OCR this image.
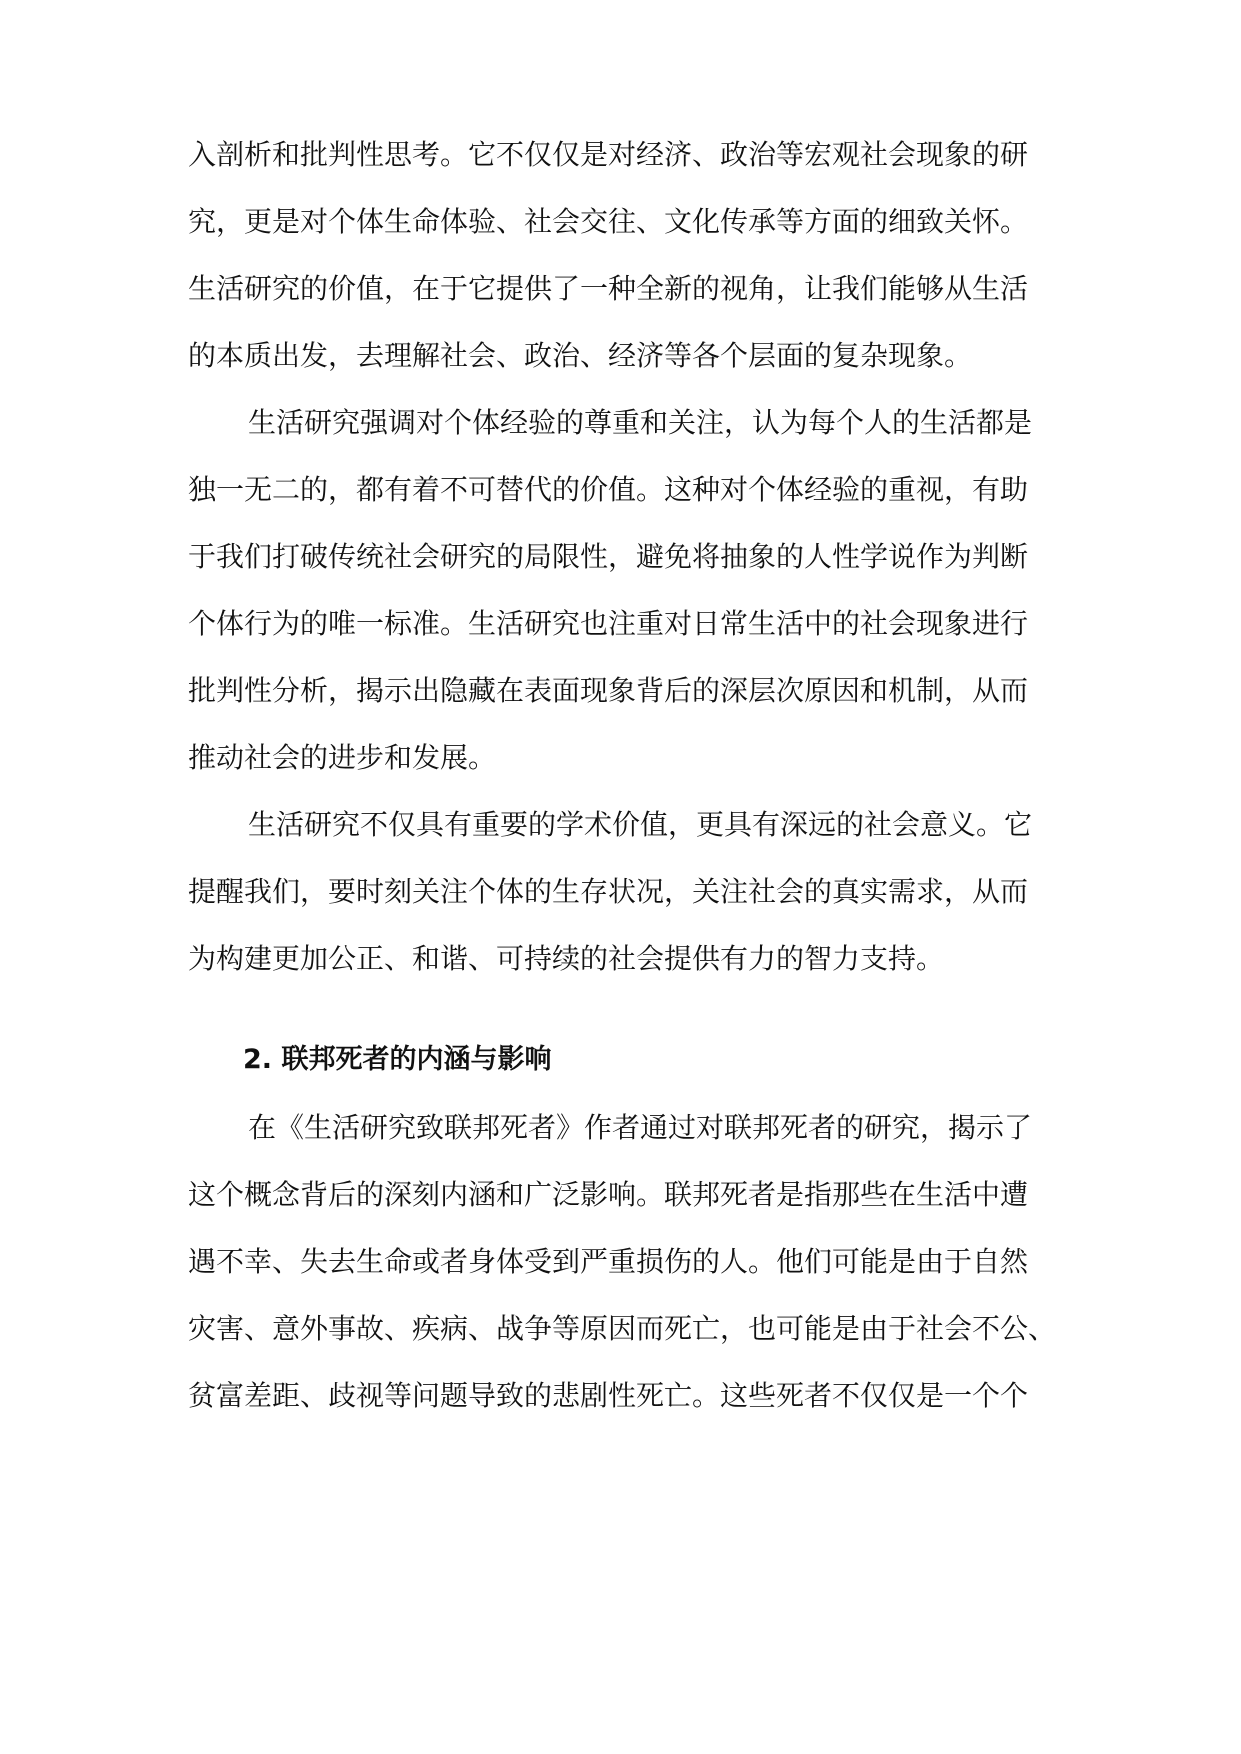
入剖析和批判性思考。它不仅仅是对经济、政治等宏观社会现象的研
究，更是对个体生命体验、社会交往、文化传承等方面的细致关怀。
生活研究的价值，在于它提供了一种全新的视角，让我们能够从生活
的本质出发，去理解社会、政治、经济等各个层面的复杂现象。
生活研究强调对个体经验的尊重和关注，认为每个人的生活都是
独一无二的，都有着不可替代的价值。这种对个体经验的重视，有助
于我们打破传统社会研究的局限性，避免将抽象的人性学说作为判断
个体行为的唯一标准。生活研究也注重对日常生活中的社会现象进行
批判性分析，揭示出隐藏在表面现象背后的深层次原因和机制，从而
推动社会的进步和发展。
生活研究不仅具有重要的学术价值，更具有深远的社会意义。它
提醒我们，要时刻关注个体的生存状况，关注社会的真实需求，从而
为构建更加公正、和谐、可持续的社会提供有力的智力支持。
2. 联邦死者的内涵与影响
在《生活研究致联邦死者》作者通过对联邦死者的研究，揭示了
这个概念背后的深刻内涵和广泛影响。联邦死者是指那些在生活中遭
遇不幸、失去生命或者身体受到严重损伤的人。他们可能是由于自然
灾害、意外事故、疾病、战争等原因而死亡，也可能是由于社会不公、
贫富差距、歧视等问题导致的悲剧性死亡。这些死者不仅仅是一个个
